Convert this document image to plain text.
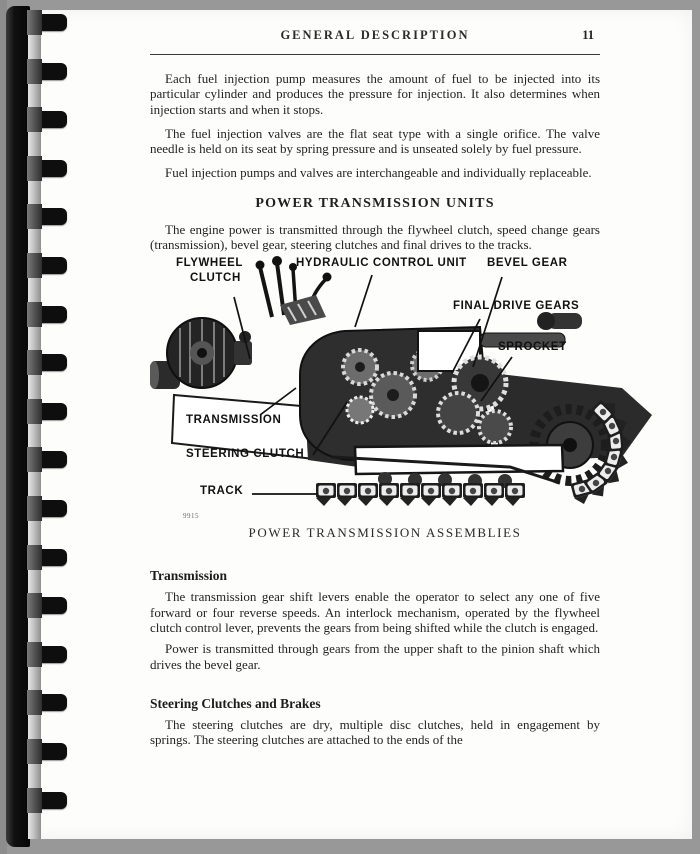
GENERAL DESCRIPTION	11

Each fuel injection pump measures the amount of fuel to be injected into its particular cylinder and produces the pressure for injection. It also determines when injection starts and when it stops.

The fuel injection valves are the flat seat type with a single orifice. The valve needle is held on its seat by spring pressure and is unseated solely by fuel pressure.

Fuel injection pumps and valves are interchangeable and individually replaceable.

POWER TRANSMISSION UNITS

The engine power is transmitted through the flywheel clutch, speed change gears (transmission), bevel gear, steering clutches and final drives to the tracks.

FLYWHEEL
CLUTCH
HYDRAULIC CONTROL UNIT BEVEL GEAR
FINAL DRIVE GEARS
SPROCKET
TRANSMISSION
STEERING CLUTCH
TRACK
9915
POWER TRANSMISSION ASSEMBLIES
Transmission

The transmission gear shift levers enable the operator to select any one of five forward or four reverse speeds. An interlock mechanism, operated by the flywheel clutch control lever, prevents the gears from being shifted while the clutch is engaged.

Power is transmitted through gears from the upper shaft to the pinion shaft which drives the bevel gear.

Steering Clutches and Brakes

The steering clutches are dry, multiple disc clutches, held in engagement by springs. The steering clutches are attached to the ends of the
